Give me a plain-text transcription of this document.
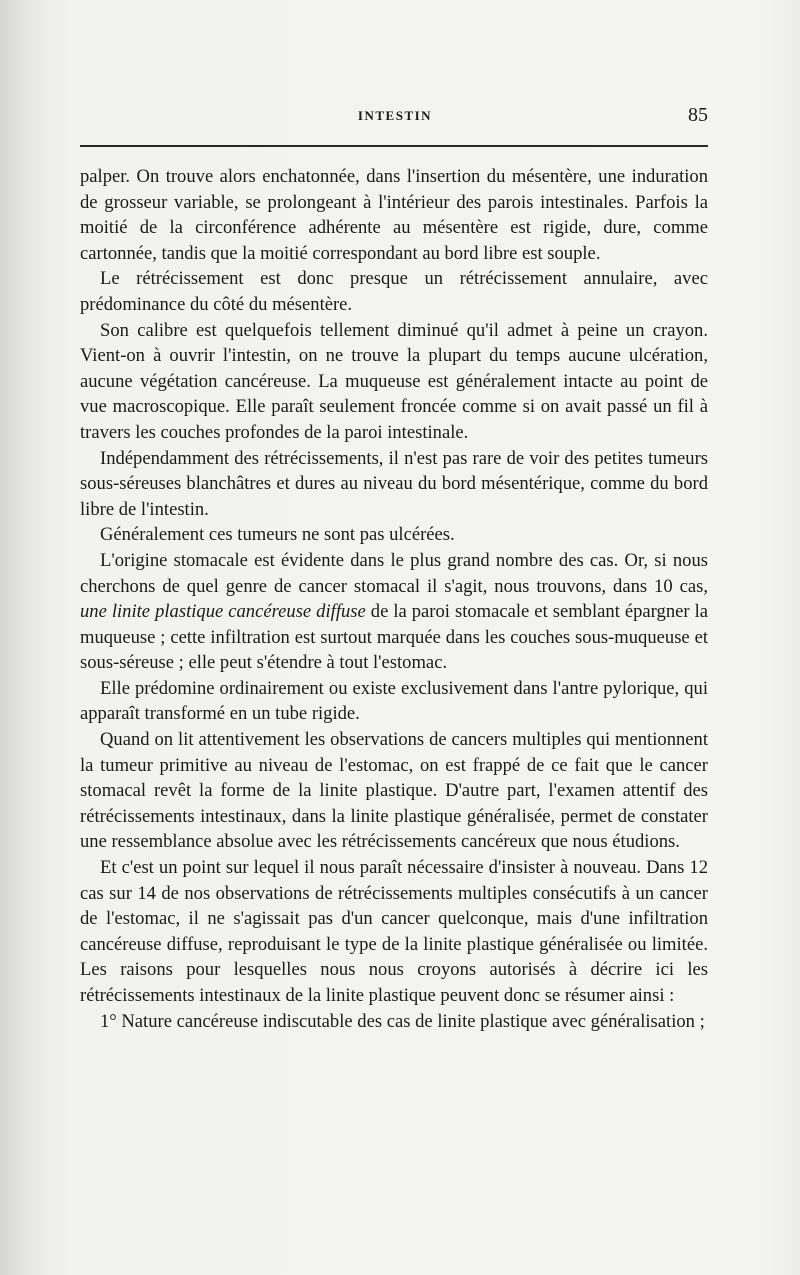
INTESTIN	85

palper. On trouve alors enchatonnée, dans l'insertion du mésentère, une induration de grosseur variable, se prolongeant à l'intérieur des parois intestinales. Parfois la moitié de la circonférence adhérente au mésentère est rigide, dure, comme cartonnée, tandis que la moitié correspondant au bord libre est souple.

Le rétrécissement est donc presque un rétrécissement annulaire, avec prédominance du côté du mésentère.

Son calibre est quelquefois tellement diminué qu'il admet à peine un crayon. Vient-on à ouvrir l'intestin, on ne trouve la plupart du temps aucune ulcération, aucune végétation cancéreuse. La muqueuse est généralement intacte au point de vue macroscopique. Elle paraît seulement froncée comme si on avait passé un fil à travers les couches profondes de la paroi intestinale.

Indépendamment des rétrécissements, il n'est pas rare de voir des petites tumeurs sous-séreuses blanchâtres et dures au niveau du bord mésentérique, comme du bord libre de l'intestin.

Généralement ces tumeurs ne sont pas ulcérées.

L'origine stomacale est évidente dans le plus grand nombre des cas. Or, si nous cherchons de quel genre de cancer stomacal il s'agit, nous trouvons, dans 10 cas, une linite plastique cancéreuse diffuse de la paroi stomacale et semblant épargner la muqueuse ; cette infiltration est surtout marquée dans les couches sous-muqueuse et sous-séreuse ; elle peut s'étendre à tout l'estomac.

Elle prédomine ordinairement ou existe exclusivement dans l'antre pylorique, qui apparaît transformé en un tube rigide.

Quand on lit attentivement les observations de cancers multiples qui mentionnent la tumeur primitive au niveau de l'estomac, on est frappé de ce fait que le cancer stomacal revêt la forme de la linite plastique. D'autre part, l'examen attentif des rétrécissements intestinaux, dans la linite plastique généralisée, permet de constater une ressemblance absolue avec les rétrécissements cancéreux que nous étudions.

Et c'est un point sur lequel il nous paraît nécessaire d'insister à nouveau. Dans 12 cas sur 14 de nos observations de rétrécissements multiples consécutifs à un cancer de l'estomac, il ne s'agissait pas d'un cancer quelconque, mais d'une infiltration cancéreuse diffuse, reproduisant le type de la linite plastique généralisée ou limitée. Les raisons pour lesquelles nous nous croyons autorisés à décrire ici les rétrécissements intestinaux de la linite plastique peuvent donc se résumer ainsi :

1° Nature cancéreuse indiscutable des cas de linite plastique avec généralisation ;
